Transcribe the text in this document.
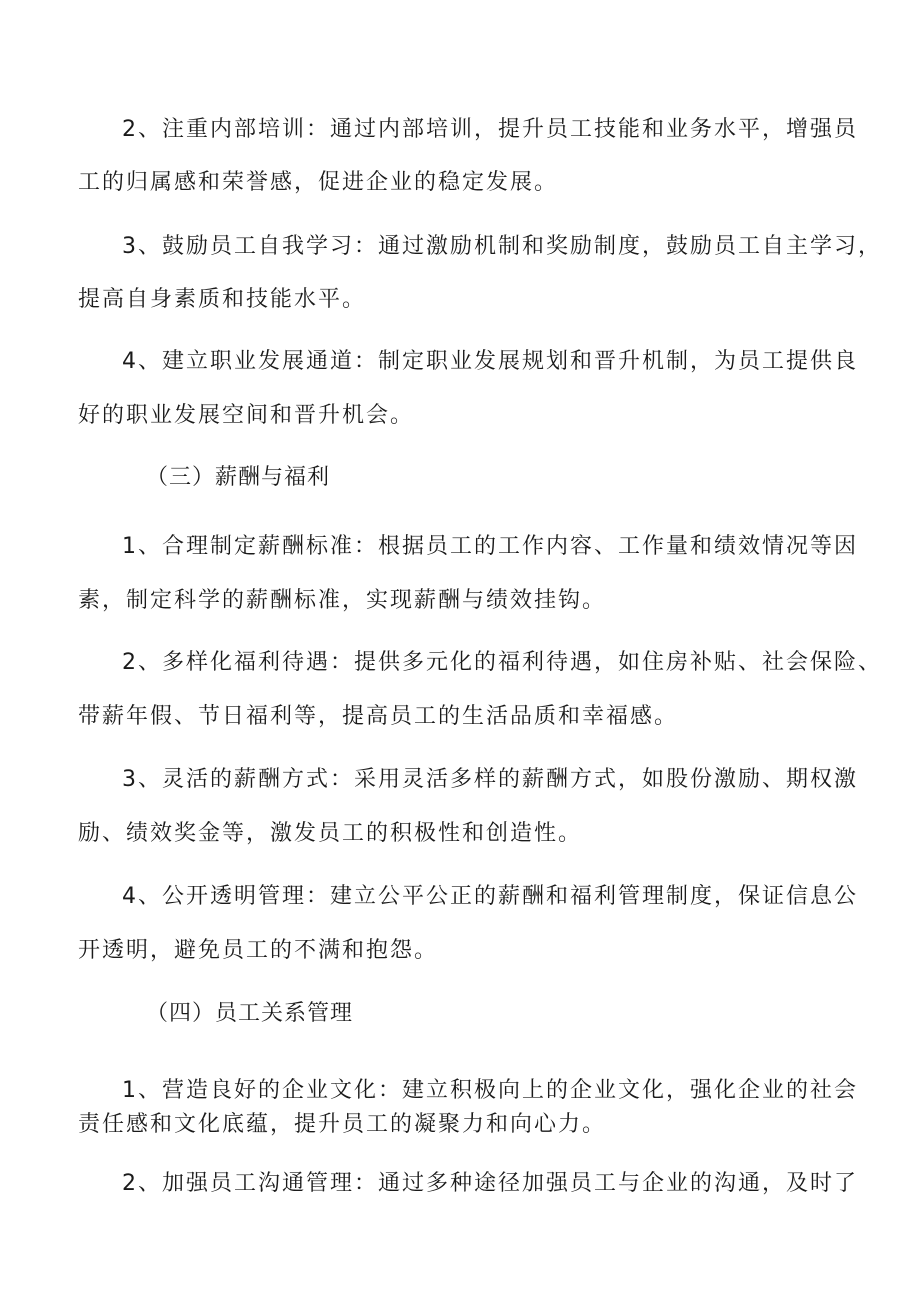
2、注重内部培训：通过内部培训，提升员工技能和业务水平，增强员
工的归属感和荣誉感，促进企业的稳定发展。
3、鼓励员工自我学习：通过激励机制和奖励制度，鼓励员工自主学习，
提高自身素质和技能水平。
4、建立职业发展通道：制定职业发展规划和晋升机制，为员工提供良
好的职业发展空间和晋升机会。
（三）薪酬与福利
1、合理制定薪酬标准：根据员工的工作内容、工作量和绩效情况等因
素，制定科学的薪酬标准，实现薪酬与绩效挂钩。
2、多样化福利待遇：提供多元化的福利待遇，如住房补贴、社会保险、
带薪年假、节日福利等，提高员工的生活品质和幸福感。
3、灵活的薪酬方式：采用灵活多样的薪酬方式，如股份激励、期权激
励、绩效奖金等，激发员工的积极性和创造性。
4、公开透明管理：建立公平公正的薪酬和福利管理制度，保证信息公
开透明，避免员工的不满和抱怨。
（四）员工关系管理
1、营造良好的企业文化：建立积极向上的企业文化，强化企业的社会
责任感和文化底蕴，提升员工的凝聚力和向心力。
2、加强员工沟通管理：通过多种途径加强员工与企业的沟通，及时了
